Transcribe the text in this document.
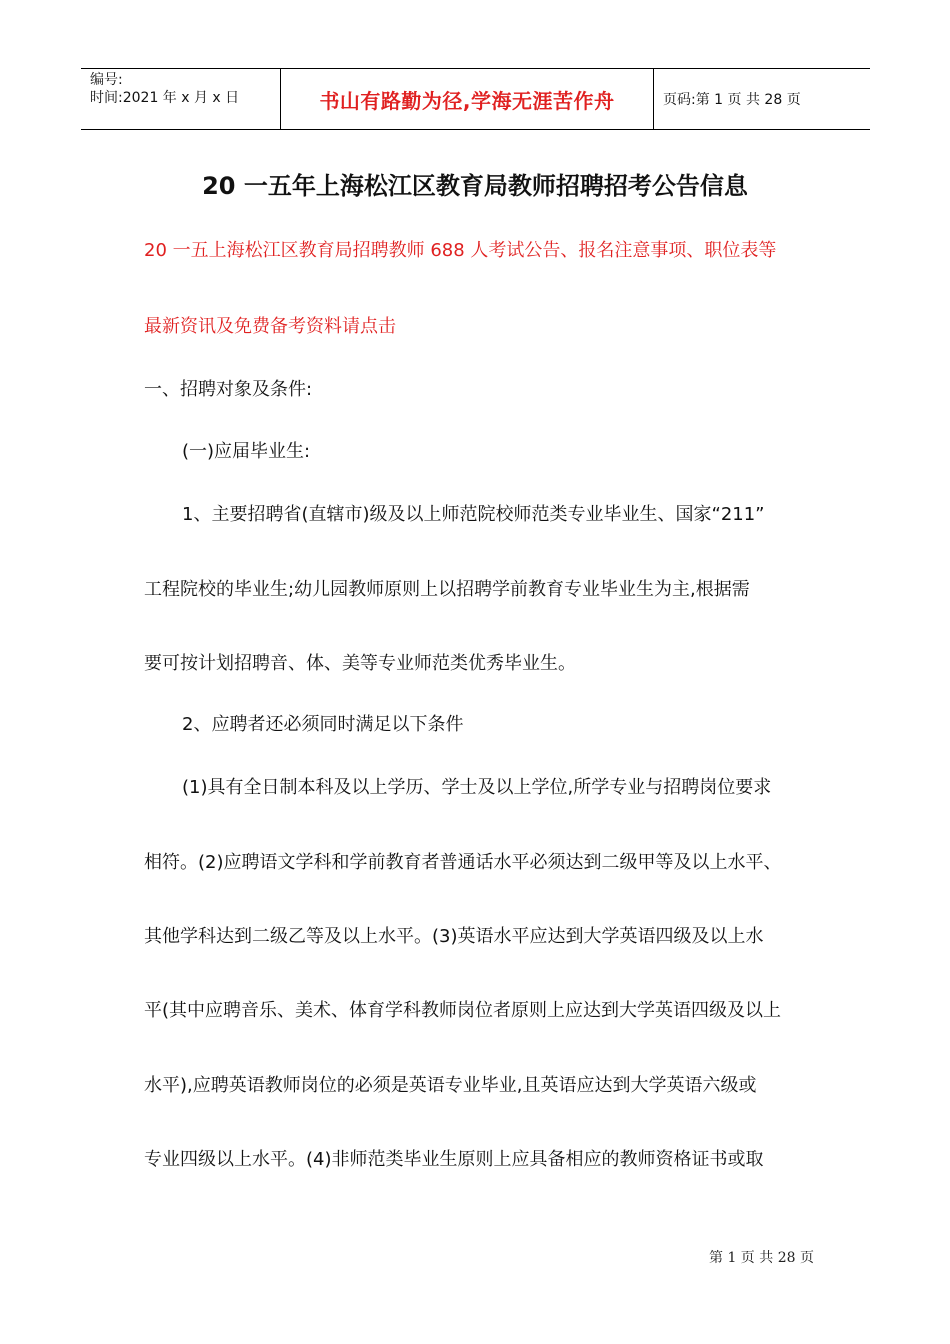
编号:
时间:2021 年 x 月 x 日	书山有路勤为径,学海无涯苦作舟	页码:第 1 页 共 28 页
20 一五年上海松江区教育局教师招聘招考公告信息
20 一五上海松江区教育局招聘教师 688 人考试公告、报名注意事项、职位表等
最新资讯及免费备考资料请点击
一、招聘对象及条件:
(一)应届毕业生:
1、主要招聘省(直辖市)级及以上师范院校师范类专业毕业生、国家“211”
工程院校的毕业生;幼儿园教师原则上以招聘学前教育专业毕业生为主,根据需
要可按计划招聘音、体、美等专业师范类优秀毕业生。
2、应聘者还必须同时满足以下条件
(1)具有全日制本科及以上学历、学士及以上学位,所学专业与招聘岗位要求
相符。(2)应聘语文学科和学前教育者普通话水平必须达到二级甲等及以上水平、
其他学科达到二级乙等及以上水平。(3)英语水平应达到大学英语四级及以上水
平(其中应聘音乐、美术、体育学科教师岗位者原则上应达到大学英语四级及以上
水平),应聘英语教师岗位的必须是英语专业毕业,且英语应达到大学英语六级或
专业四级以上水平。(4)非师范类毕业生原则上应具备相应的教师资格证书或取
第 1 页 共 28 页
